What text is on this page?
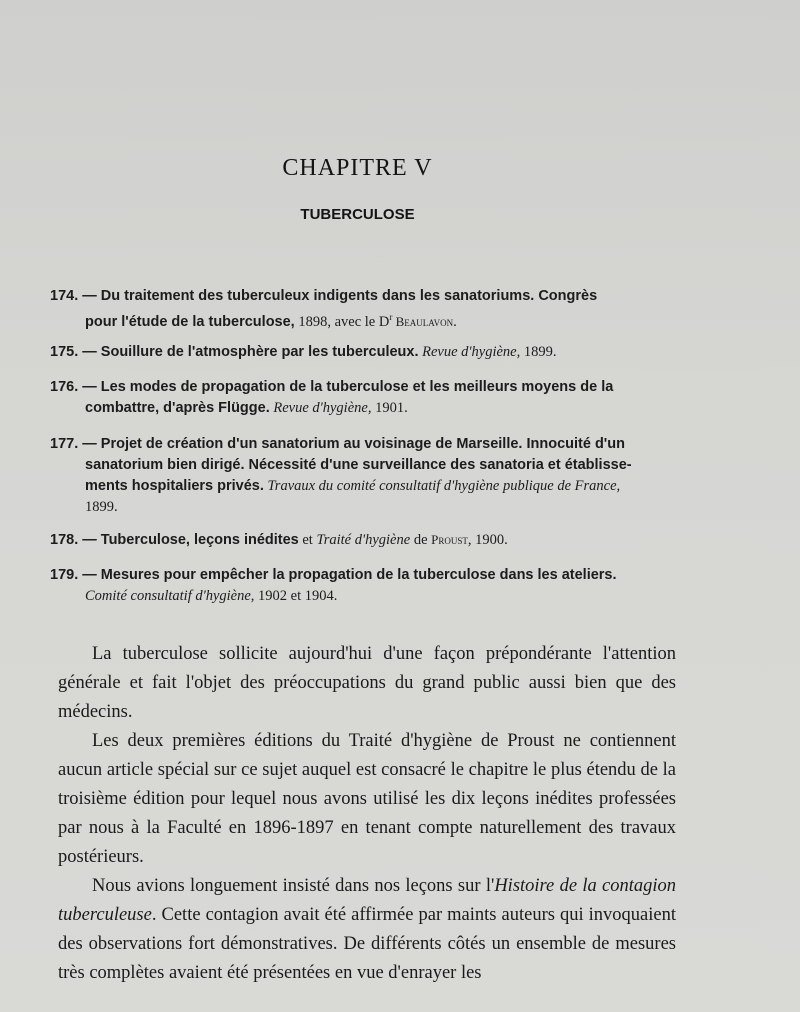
CHAPITRE V
TUBERCULOSE
174. — Du traitement des tuberculeux indigents dans les sanatoriums. Congrès
pour l'étude de la tuberculose, 1898, avec le $D^r$ Beaulavon.
175. — Souillure de l'atmosphère par les tuberculeux. Revue d'hygiène, 1899.
176. — Les modes de propagation de la tuberculose et les meilleurs moyens de la
combattre, d'après Flügge. Revue d'hygiène, 1901.
177. — Projet de création d'un sanatorium au voisinage de Marseille. Innocuité d'un
sanatorium bien dirigé. Nécessité d'une surveillance des sanatoria et établisse-
ments hospitaliers privés. Travaux du comité consultatif d'hygiène publique de France,
1899.
178. — Tuberculose, leçons inédites et Traité d'hygiène de Proust, 1900.
179. — Mesures pour empêcher la propagation de la tuberculose dans les ateliers.
Comité consultatif d'hygiène, 1902 et 1904.

La tuberculose sollicite aujourd'hui d'une façon prépondérante l'attention générale et fait l'objet des préoccupations du grand public aussi bien que des médecins.

Les deux premières éditions du Traité d'hygiène de Proust ne contiennent aucun article spécial sur ce sujet auquel est consacré le chapitre le plus étendu de la troisième édition pour lequel nous avons utilisé les dix leçons inédites professées par nous à la Faculté en 1896-1897 en tenant compte naturellement des travaux postérieurs.

Nous avions longuement insisté dans nos leçons sur l'Histoire de la contagion tuberculeuse. Cette contagion avait été affirmée par maints auteurs qui invoquaient des observations fort démonstratives. De différents côtés un ensemble de mesures très complètes avaient été présentées en vue d'enrayer les
